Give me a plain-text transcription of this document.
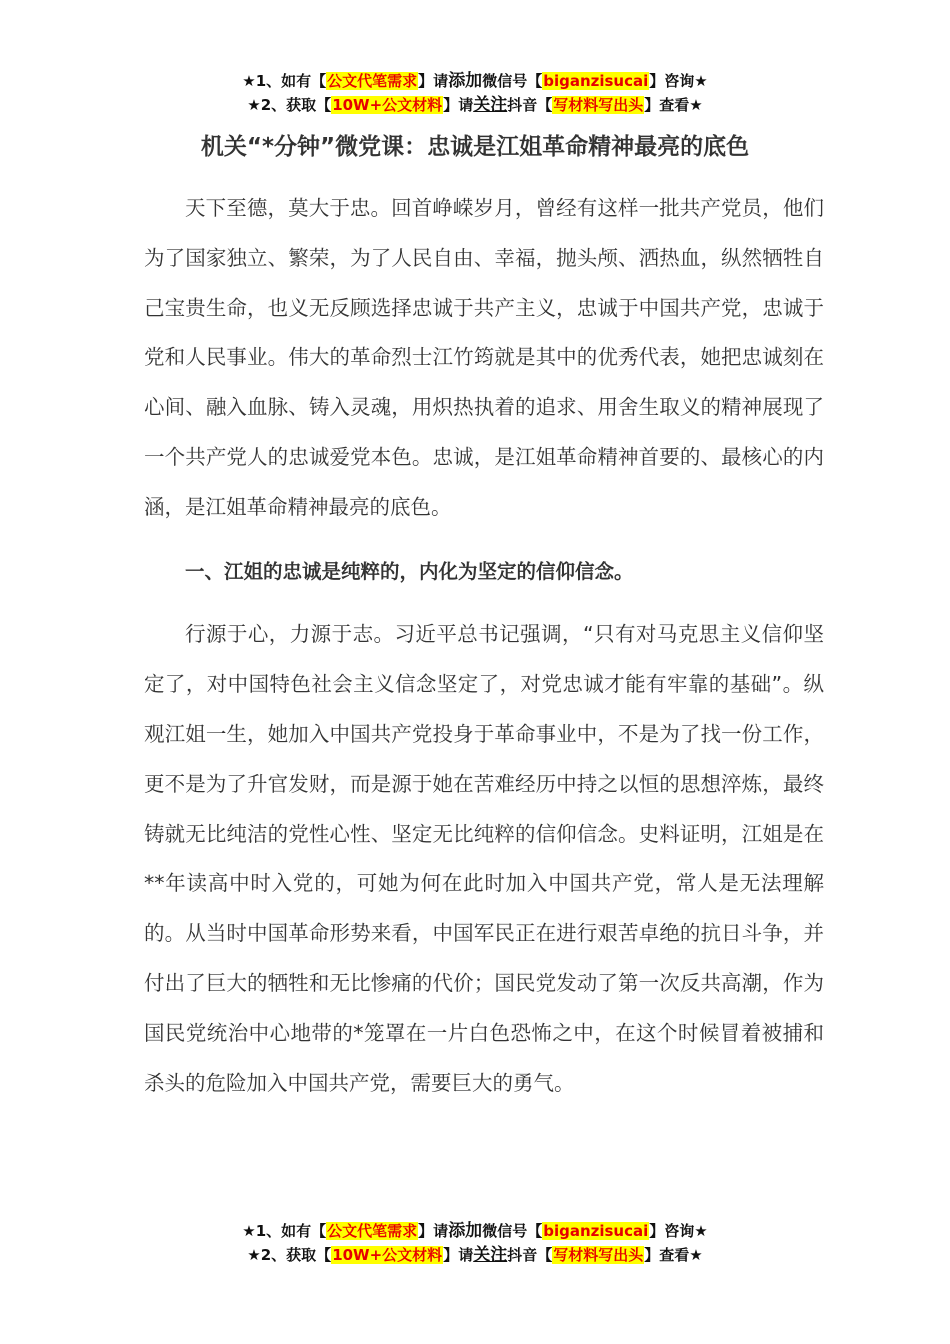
★1、如有【公文代笔需求】请添加微信号【biganzisucai】咨询★
★2、获取【10W+公文材料】请关注抖音【写材料写出头】查看★
机关“*分钟”微党课：忠诚是江姐革命精神最亮的底色

天下至德，莫大于忠。回首峥嵘岁月，曾经有这样一批共产党员，他们为了国家独立、繁荣，为了人民自由、幸福，抛头颅、洒热血，纵然牺牲自己宝贵生命，也义无反顾选择忠诚于共产主义，忠诚于中国共产党，忠诚于党和人民事业。伟大的革命烈士江竹筠就是其中的优秀代表，她把忠诚刻在心间、融入血脉、铸入灵魂，用炽热执着的追求、用舍生取义的精神展现了一个共产党人的忠诚爱党本色。忠诚，是江姐革命精神首要的、最核心的内涵，是江姐革命精神最亮的底色。

一、江姐的忠诚是纯粹的，内化为坚定的信仰信念。

行源于心，力源于志。习近平总书记强调，“只有对马克思主义信仰坚定了，对中国特色社会主义信念坚定了，对党忠诚才能有牢靠的基础”。纵观江姐一生，她加入中国共产党投身于革命事业中，不是为了找一份工作，更不是为了升官发财，而是源于她在苦难经历中持之以恒的思想淬炼，最终铸就无比纯洁的党性心性、坚定无比纯粹的信仰信念。史料证明，江姐是在**年读高中时入党的，可她为何在此时加入中国共产党，常人是无法理解的。从当时中国革命形势来看，中国军民正在进行艰苦卓绝的抗日斗争，并付出了巨大的牺牲和无比惨痛的代价；国民党发动了第一次反共高潮，作为国民党统治中心地带的*笼罩在一片白色恐怖之中，在这个时候冒着被捕和杀头的危险加入中国共产党，需要巨大的勇气。

★1、如有【公文代笔需求】请添加微信号【biganzisucai】咨询★
★2、获取【10W+公文材料】请关注抖音【写材料写出头】查看★
